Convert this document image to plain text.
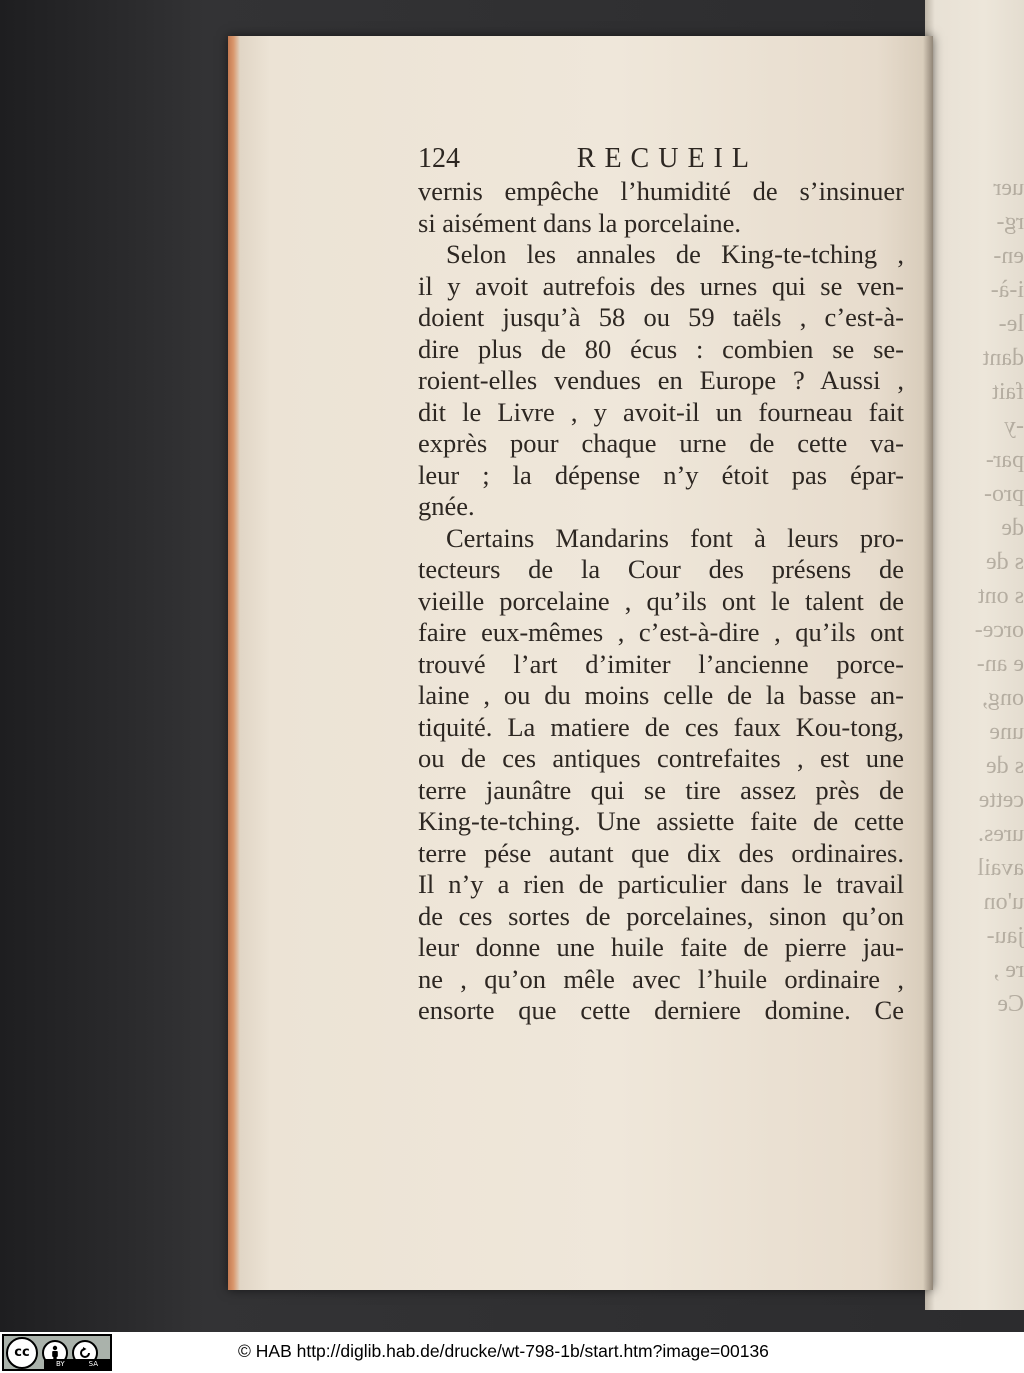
uer
rg-
en-
i-à-
le-
dant
fait
-y
par-
pro-
de
s de
s ont
orce-
e an-
ong,
une
s de
cette
ures.
avail
u'on
jau-
re ,
Ce
124	RECUEIL
vernis empêche l’humidité de s’insinuer
si aisément dans la porcelaine.
Selon les annales de King-te-tching ,
il y avoit autrefois des urnes qui se ven-
doient jusqu’à 58 ou 59 taëls , c’est-à-
dire plus de 80 écus : combien se se-
roient-elles vendues en Europe ? Aussi ,
dit le Livre , y avoit-il un fourneau fait
exprès pour chaque urne de cette va-
leur ; la dépense n’y étoit pas épar-
gnée.
Certains Mandarins font à leurs pro-
tecteurs de la Cour des présens de
vieille porcelaine , qu’ils ont le talent de
faire eux-mêmes , c’est-à-dire , qu’ils ont
trouvé l’art d’imiter l’ancienne porce-
laine , ou du moins celle de la basse an-
tiquité. La matiere de ces faux Kou-tong,
ou de ces antiques contrefaites , est une
terre jaunâtre qui se tire assez près de
King-te-tching. Une assiette faite de cette
terre pése autant que dix des ordinaires.
Il n’y a rien de particulier dans le travail
de ces sortes de porcelaines, sinon qu’on
leur donne une huile faite de pierre jau-
ne , qu’on mêle avec l’huile ordinaire ,
ensorte que cette derniere domine. Ce
cc
BY	SA
© HAB http://diglib.hab.de/drucke/wt-798-1b/start.htm?image=00136
